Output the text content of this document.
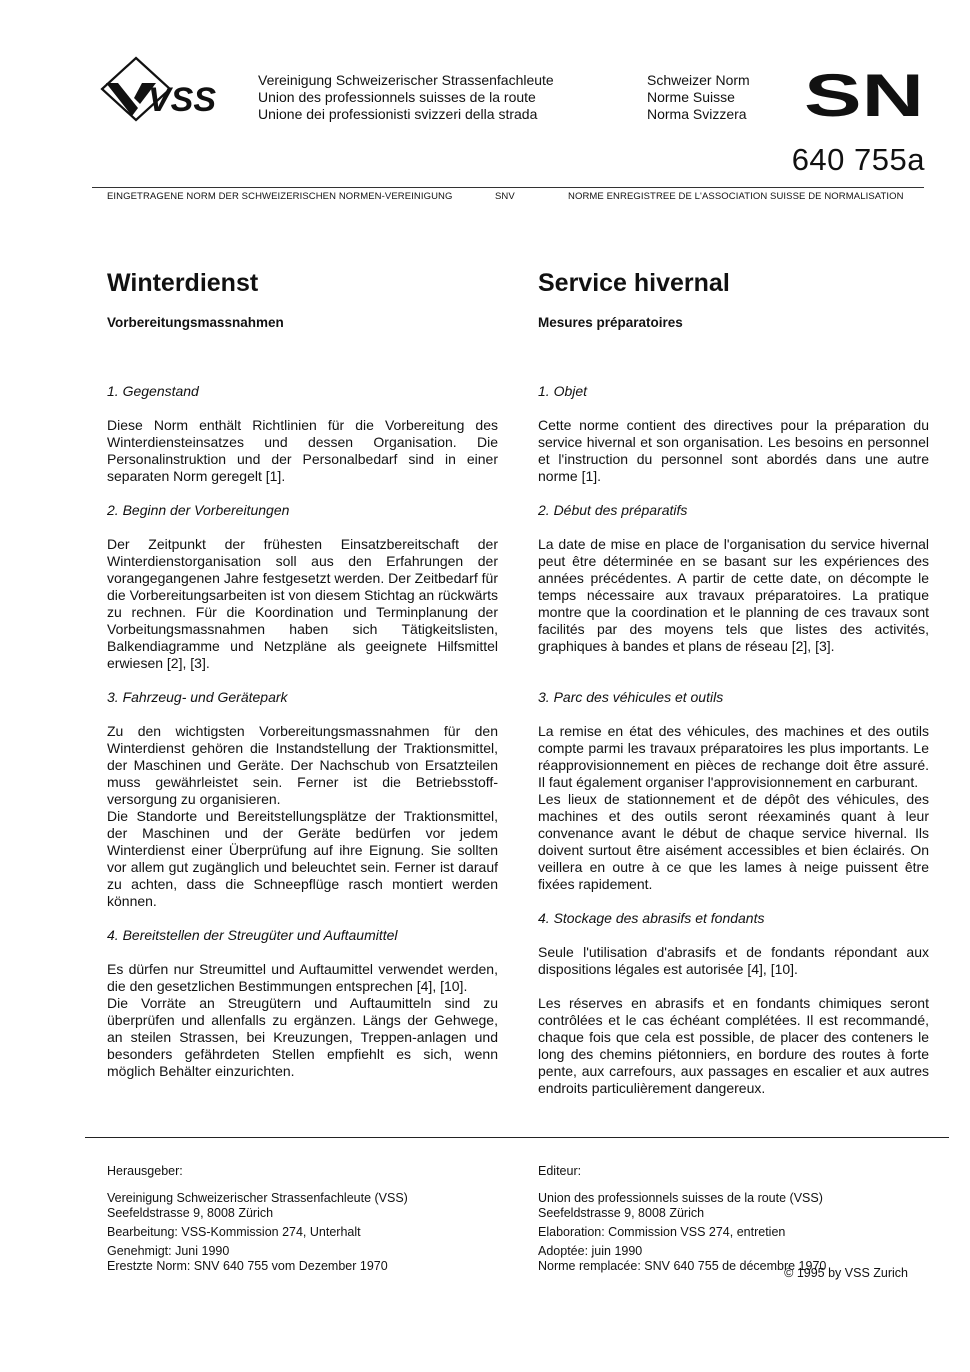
VSS
Vereinigung Schweizerischer Strassenfachleute
Union des professionnels suisses de la route
Unione dei professionisti svizzeri della strada
Schweizer Norm
Norme Suisse
Norma Svizzera SN
640 755a
EINGETRAGENE NORM DER SCHWEIZERISCHEN NORMEN-VEREINIGUNG	SNV	NORME ENREGISTREE DE L'ASSOCIATION SUISSE DE NORMALISATION
Winterdienst
Vorbereitungsmassnahmen
1. Gegenstand

Diese Norm enthält Richtlinien für die Vorbereitung des Winterdiensteinsatzes und dessen Organisation. Die Personalinstruktion und der Personalbedarf sind in einer separaten Norm geregelt [1].

2. Beginn der Vorbereitungen

Der Zeitpunkt der frühesten Einsatzbereitschaft der Winterdienstorganisation soll aus den Erfahrungen der vorangegangenen Jahre festgesetzt werden. Der Zeitbedarf für die Vorbereitungsarbeiten ist von diesem Stichtag an rückwärts zu rechnen. Für die Koordination und Terminplanung der Vorbeitungsmassnahmen haben sich Tätigkeitslisten, Balkendiagramme und Netzpläne als geeignete Hilfsmittel erwiesen [2], [3].

3. Fahrzeug- und Gerätepark

Zu den wichtigsten Vorbereitungsmassnahmen für den Winterdienst gehören die Instandstellung der Traktionsmittel, der Maschinen und Geräte. Der Nachschub von Ersatzteilen muss gewährleistet sein. Ferner ist die Betriebsstoff-versorgung zu organisieren.

Die Standorte und Bereitstellungsplätze der Traktionsmittel, der Maschinen und der Geräte bedürfen vor jedem Winterdienst einer Überprüfung auf ihre Eignung. Sie sollten vor allem gut zugänglich und beleuchtet sein. Ferner ist darauf zu achten, dass die Schneepflüge rasch montiert werden können.

4. Bereitstellen der Streugüter und Auftaumittel

Es dürfen nur Streumittel und Auftaumittel verwendet werden, die den gesetzlichen Bestimmungen entsprechen [4], [10].

Die Vorräte an Streugütern und Auftaumitteln sind zu überprüfen und allenfalls zu ergänzen. Längs der Gehwege, an steilen Strassen, bei Kreuzungen, Treppen-anlagen und besonders gefährdeten Stellen empfiehlt es sich, wenn möglich Behälter einzurichten.

Service hivernal
Mesures préparatoires
1. Objet

Cette norme contient des directives pour la préparation du service hivernal et son organisation. Les besoins en personnel et l'instruction du personnel sont abordés dans une autre norme [1].

2. Début des préparatifs

La date de mise en place de l'organisation du service hivernal peut être déterminée en se basant sur les expériences des années précédentes. A partir de cette date, on décompte le temps nécessaire aux travaux préparatoires. La pratique montre que la coordination et le planning de ces travaux sont facilités par des moyens tels que listes des activités, graphiques à bandes et plans de réseau [2], [3].

3. Parc des véhicules et outils

La remise en état des véhicules, des machines et des outils compte parmi les travaux préparatoires les plus importants. Le réapprovisionnement en pièces de rechange doit être assuré. Il faut également organiser l'approvisionnement en carburant.

Les lieux de stationnement et de dépôt des véhicules, des machines et des outils seront réexaminés quant à leur convenance avant le début de chaque service hivernal. Ils doivent surtout être aisément accessibles et bien éclairés. On veillera en outre à ce que les lames à neige puissent être fixées rapidement.

4. Stockage des abrasifs et fondants

Seule l'utilisation d'abrasifs et de fondants répondant aux dispositions légales est autorisée [4], [10].

Les réserves en abrasifs et en fondants chimiques seront contrôlées et le cas échéant complétées. Il est recommandé, chaque fois que cela est possible, de placer des conteners le long des chemins piétonniers, en bordure des routes à forte pente, aux carrefours, aux passages en escalier et aux autres endroits particulièrement dangereux.

Herausgeber:
Vereinigung Schweizerischer Strassenfachleute (VSS)
Seefeldstrasse 9, 8008 Zürich
Bearbeitung: VSS-Kommission 274, Unterhalt
Genehmigt: Juni 1990
Erestzte Norm: SNV 640 755 vom Dezember 1970
Editeur:
Union des professionnels suisses de la route (VSS)
Seefeldstrasse 9, 8008 Zürich
Elaboration: Commission VSS 274, entretien
Adoptée: juin 1990
Norme remplacée: SNV 640 755 de décembre 1970
© 1995 by VSS Zurich
